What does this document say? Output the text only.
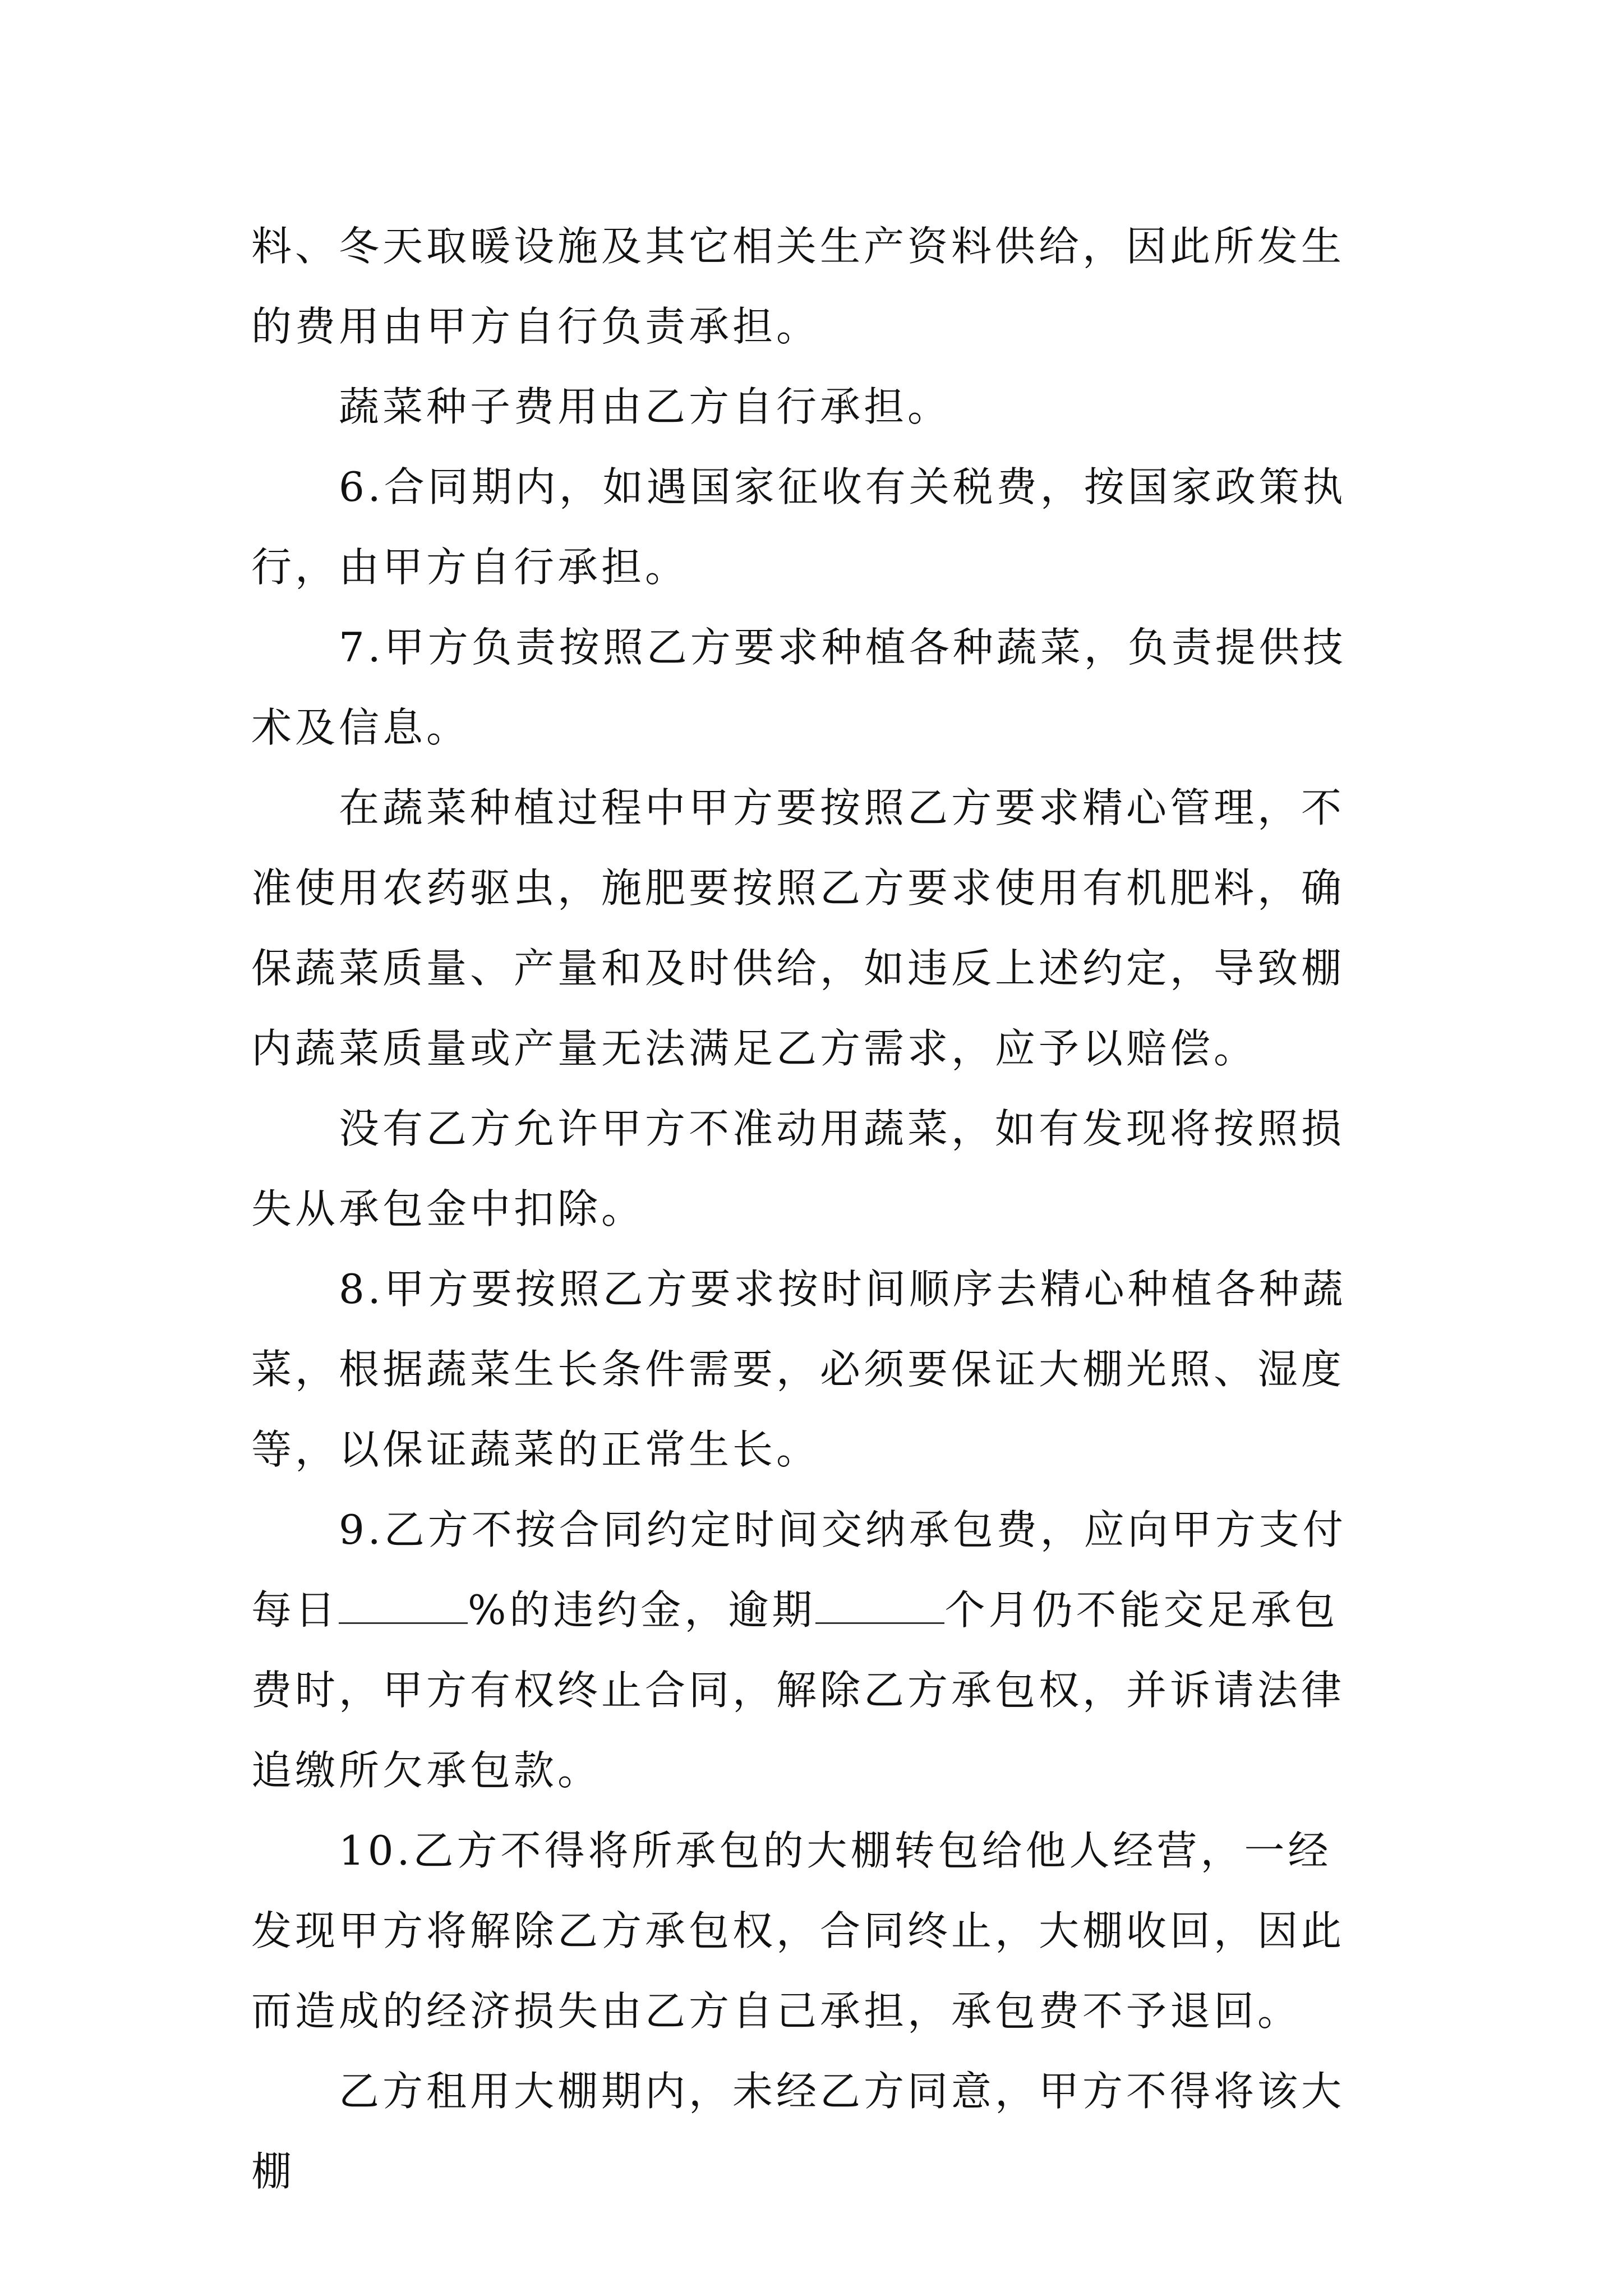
料、冬天取暖设施及其它相关生产资料供给，因此所发生的费用由甲方自行负责承担。

蔬菜种子费用由乙方自行承担。

6.合同期内，如遇国家征收有关税费，按国家政策执行，由甲方自行承担。

7.甲方负责按照乙方要求种植各种蔬菜，负责提供技术及信息。

在蔬菜种植过程中甲方要按照乙方要求精心管理，不准使用农药驱虫，施肥要按照乙方要求使用有机肥料，确保蔬菜质量、产量和及时供给，如违反上述约定，导致棚内蔬菜质量或产量无法满足乙方需求，应予以赔偿。

没有乙方允许甲方不准动用蔬菜，如有发现将按照损失从承包金中扣除。

8.甲方要按照乙方要求按时间顺序去精心种植各种蔬菜，根据蔬菜生长条件需要，必须要保证大棚光照、湿度等，以保证蔬菜的正常生长。

9.乙方不按合同约定时间交纳承包费，应向甲方支付每日	%的违约金，逾期	个月仍不能交足承包费时，甲方有权终止合同，解除乙方承包权，并诉请法律追缴所欠承包款。

10.乙方不得将所承包的大棚转包给他人经营，一经发现甲方将解除乙方承包权，合同终止，大棚收回，因此而造成的经济损失由乙方自己承担，承包费不予退回。

乙方租用大棚期内，未经乙方同意，甲方不得将该大棚
